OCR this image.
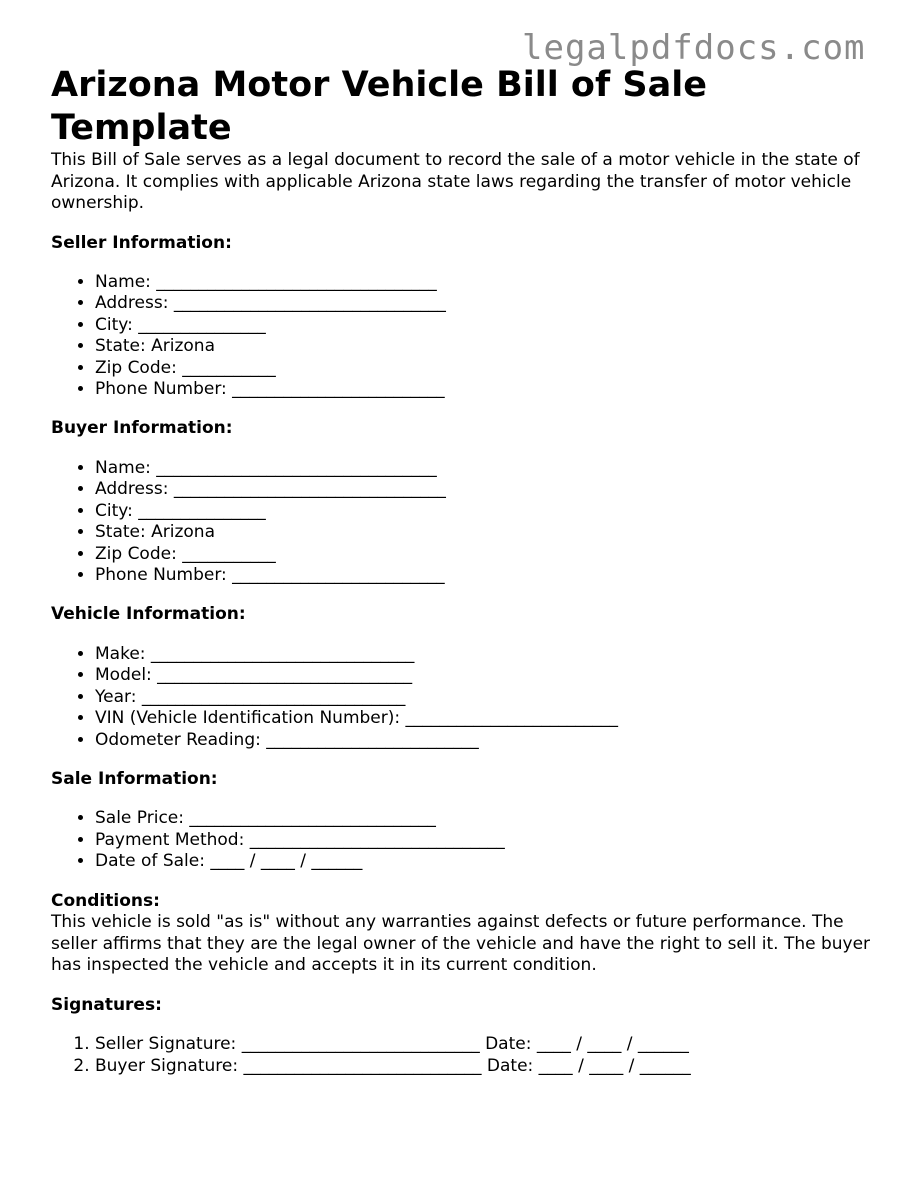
legalpdfdocs.com
Arizona Motor Vehicle Bill of Sale Template

This Bill of Sale serves as a legal document to record the sale of a motor vehicle in the state of Arizona. It complies with applicable Arizona state laws regarding the transfer of motor vehicle ownership.

Seller Information:
• Name: _________________________________
• Address: ________________________________
• City: _______________
• State: Arizona
• Zip Code: ___________
• Phone Number: _________________________
Buyer Information:
• Name: _________________________________
• Address: ________________________________
• City: _______________
• State: Arizona
• Zip Code: ___________
• Phone Number: _________________________
Vehicle Information:
• Make: _______________________________
• Model: ______________________________
• Year: _______________________________
• VIN (Vehicle Identification Number): _________________________
• Odometer Reading: _________________________
Sale Information:
• Sale Price: _____________________________
• Payment Method: ______________________________
• Date of Sale: ____ / ____ / ______
Conditions:

This vehicle is sold "as is" without any warranties against defects or future performance. The seller affirms that they are the legal owner of the vehicle and have the right to sell it. The buyer has inspected the vehicle and accepts it in its current condition.

Signatures:
1. Seller Signature: ____________________________ Date: ____ / ____ / ______
2. Buyer Signature: ____________________________ Date: ____ / ____ / ______
